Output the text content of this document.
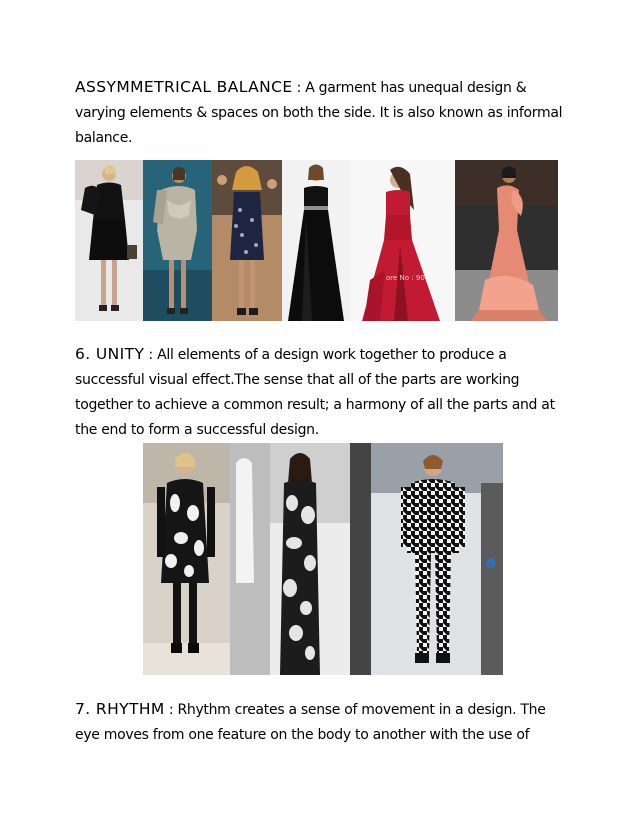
ASSYMMETRICAL BALANCE : A garment has unequal design &
varying elements & spaces on both the side. It is also known as informal
balance.
ore No : 904
6. UNITY : All elements of a design work together to produce a
successful visual effect.The sense that all of the parts are working
together to achieve a common result; a harmony of all the parts and at
the end to form a successful design.
7. RHYTHM : Rhythm creates a sense of movement in a design. The
eye moves from one feature on the body to another with the use of
